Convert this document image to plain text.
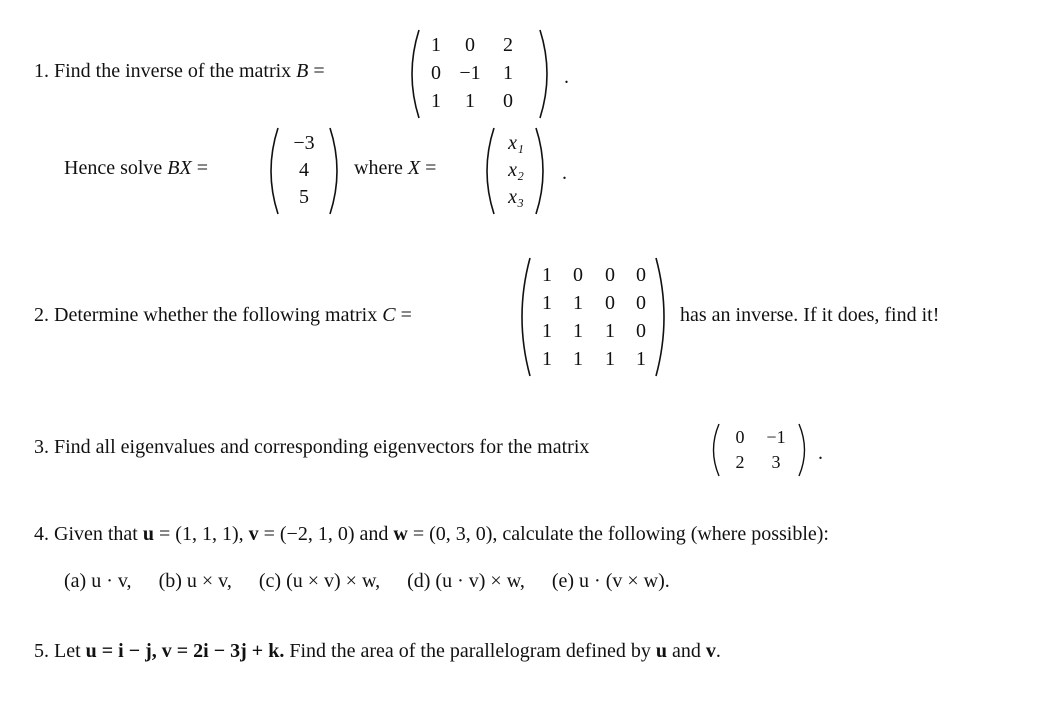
1. Find the inverse of the matrix B =
1	0	2
0 −1	1
1	1	0
.
Hence solve BX =
−3
4
5
where X =
x₁
x₂
x₃
.
2. Determine whether the following matrix C =
1	0	0	0
1	1	0	0
1	1	1	0
1	1	1	1
has an inverse. If it does, find it!
3. Find all eigenvalues and corresponding eigenvectors for the matrix	0	−1
2	3	.
4. Given that u = (1, 1, 1), v = (−2, 1, 0) and w = (0, 3, 0), calculate the following (where possible):
(a) u · v, (b) u × v, (c) (u × v) × w, (d) (u · v) × w, (e) u · (v × w).
5. Let u = i − j, v = 2i − 3j + k. Find the area of the parallelogram defined by u and v.
